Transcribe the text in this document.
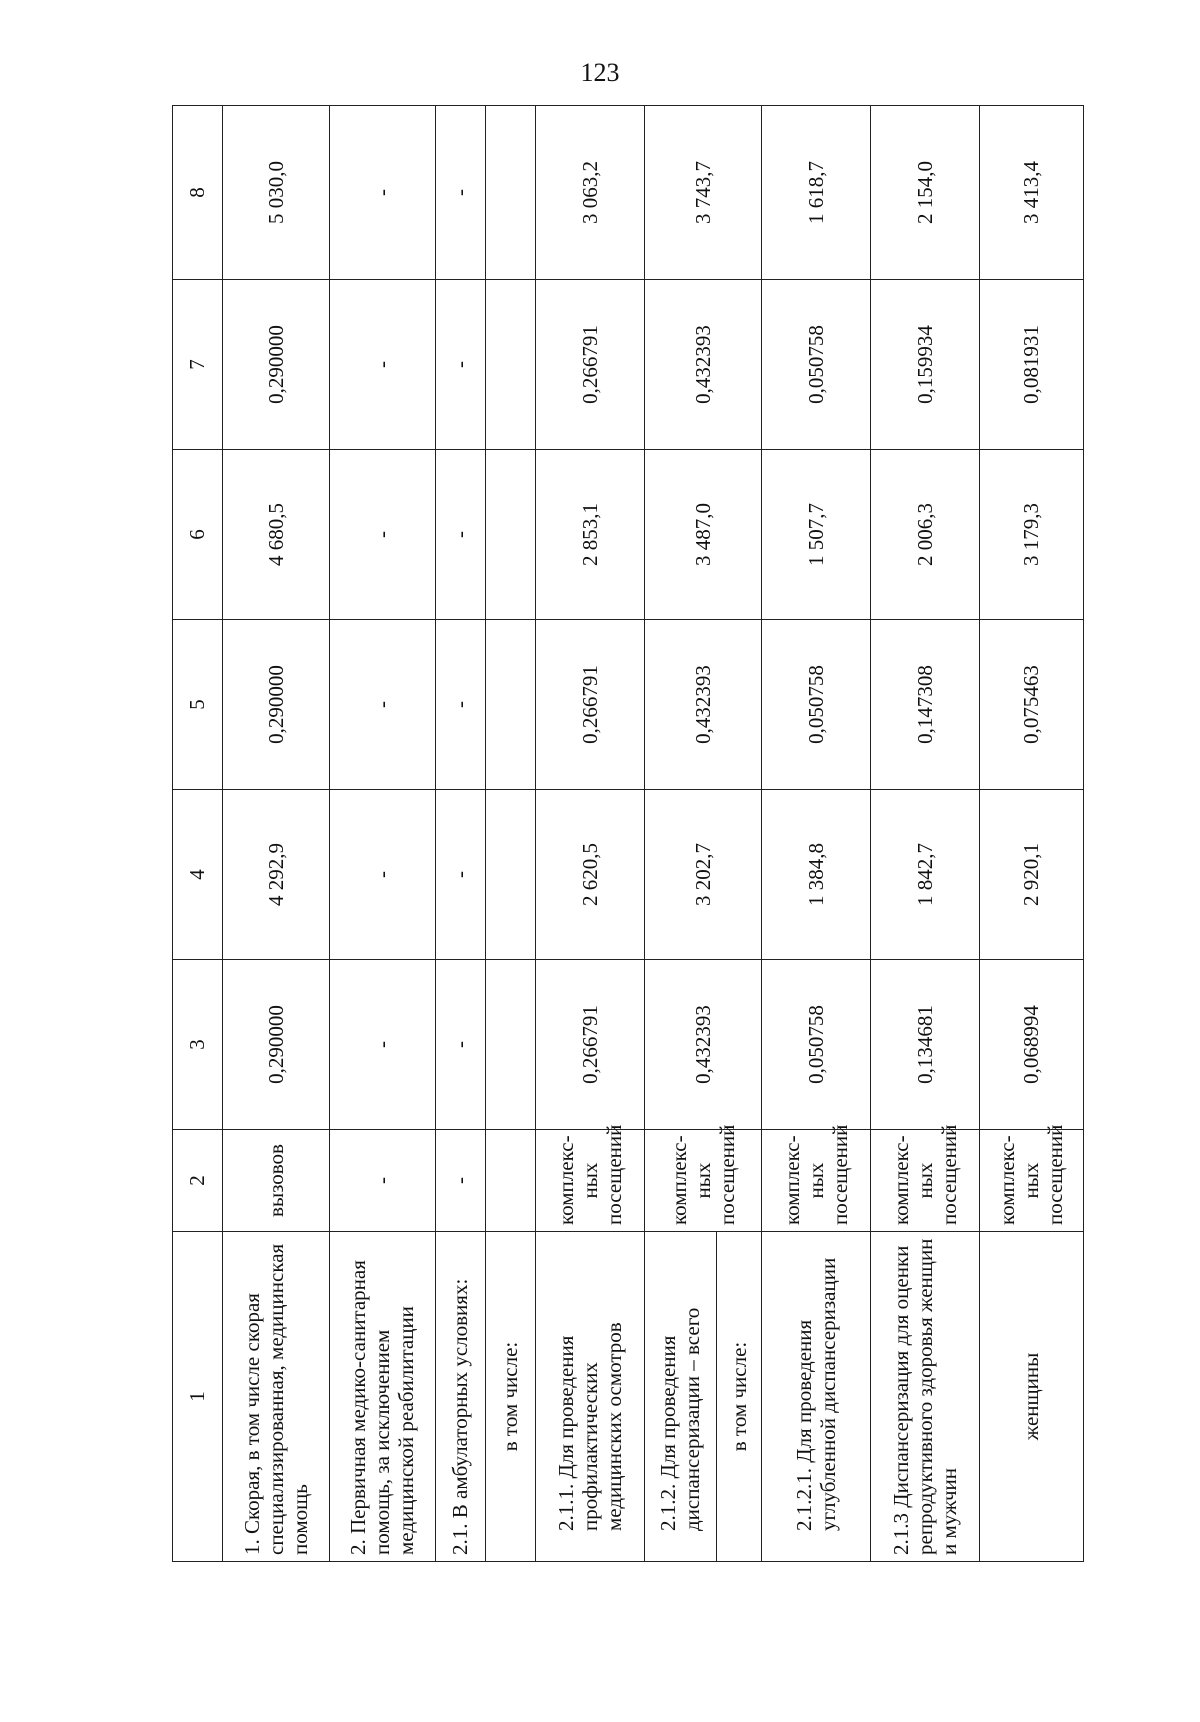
123
1	2	3	4	5	6	7	8
1. Скорая, в том числе скорая специализированная, медицинская помощь	вызовов	0,290000	4 292,9	0,290000	4 680,5	0,290000	5 030,0
2. Первичная медико-санитарная помощь, за исключением медицинской реабилитации	-	-	-	-	-	-	-
2.1. В амбулаторных условиях:	-	-	-	-	-	-	-
в том числе:							
2.1.1. Для проведения профилактических медицинских осмотров	комплекс-ных посещений	0,266791	2 620,5	0,266791	2 853,1	0,266791	3 063,2
2.1.2. Для проведения диспансеризации – всего	комплекс-ных посещений	0,432393	3 202,7	0,432393	3 487,0	0,432393	3 743,7
в том числе:							
2.1.2.1. Для проведения углубленной диспансеризации	комплекс-ных посещений	0,050758	1 384,8	0,050758	1 507,7	0,050758	1 618,7
2.1.3 Диспансеризация для оценки репродуктивного здоровья женщин и мужчин	комплекс-ных посещений	0,134681	1 842,7	0,147308	2 006,3	0,159934	2 154,0
женщины	комплекс-ных посещений	0,068994	2 920,1	0,075463	3 179,3	0,081931	3 413,4
